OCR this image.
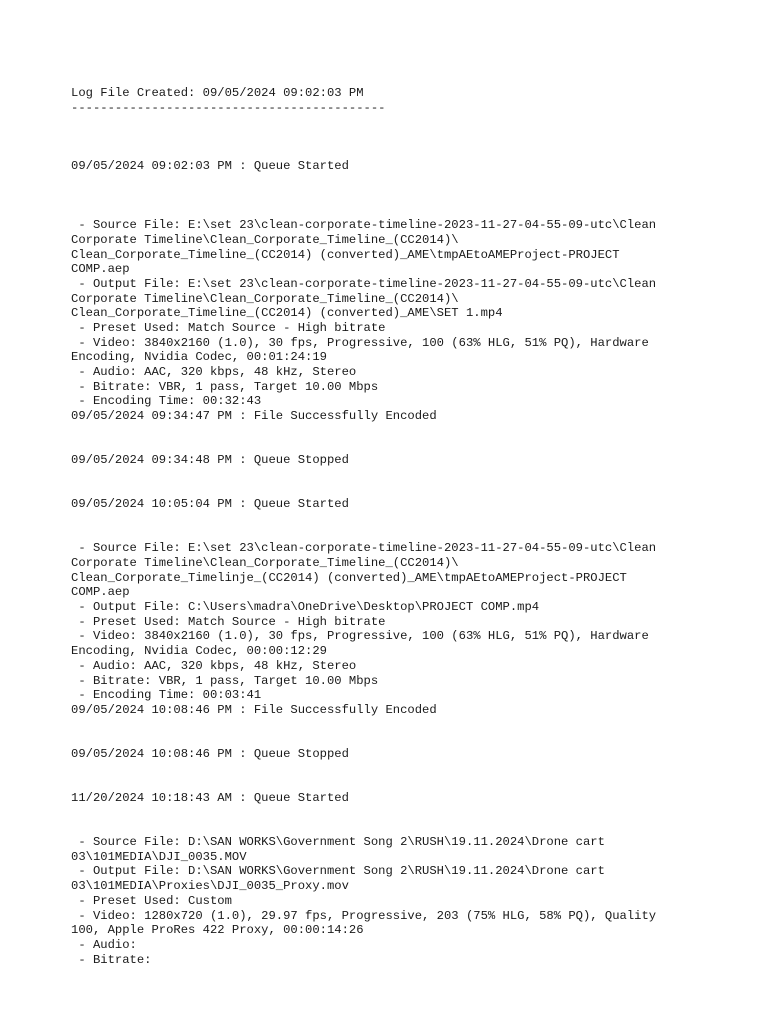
Log File Created: 09/05/2024 09:02:03 PM
-------------------------------------------
09/05/2024 09:02:03 PM : Queue Started
- Source File: E:\set 23\clean-corporate-timeline-2023-11-27-04-55-09-utc\Clean
Corporate Timeline\Clean_Corporate_Timeline_(CC2014)\
Clean_Corporate_Timeline_(CC2014) (converted)_AME\tmpAEtoAMEProject-PROJECT
COMP.aep
- Output File: E:\set 23\clean-corporate-timeline-2023-11-27-04-55-09-utc\Clean
Corporate Timeline\Clean_Corporate_Timeline_(CC2014)\
Clean_Corporate_Timeline_(CC2014) (converted)_AME\SET 1.mp4
- Preset Used: Match Source - High bitrate
- Video: 3840x2160 (1.0), 30 fps, Progressive, 100 (63% HLG, 51% PQ), Hardware
Encoding, Nvidia Codec, 00:01:24:19
- Audio: AAC, 320 kbps, 48 kHz, Stereo
- Bitrate: VBR, 1 pass, Target 10.00 Mbps
- Encoding Time: 00:32:43
09/05/2024 09:34:47 PM : File Successfully Encoded
09/05/2024 09:34:48 PM : Queue Stopped
09/05/2024 10:05:04 PM : Queue Started
- Source File: E:\set 23\clean-corporate-timeline-2023-11-27-04-55-09-utc\Clean
Corporate Timeline\Clean_Corporate_Timeline_(CC2014)\
Clean_Corporate_Timelinje_(CC2014) (converted)_AME\tmpAEtoAMEProject-PROJECT
COMP.aep
- Output File: C:\Users\madra\OneDrive\Desktop\PROJECT COMP.mp4
- Preset Used: Match Source - High bitrate
- Video: 3840x2160 (1.0), 30 fps, Progressive, 100 (63% HLG, 51% PQ), Hardware
Encoding, Nvidia Codec, 00:00:12:29
- Audio: AAC, 320 kbps, 48 kHz, Stereo
- Bitrate: VBR, 1 pass, Target 10.00 Mbps
- Encoding Time: 00:03:41
09/05/2024 10:08:46 PM : File Successfully Encoded
09/05/2024 10:08:46 PM : Queue Stopped
11/20/2024 10:18:43 AM : Queue Started
- Source File: D:\SAN WORKS\Government Song 2\RUSH\19.11.2024\Drone cart
03\101MEDIA\DJI_0035.MOV
- Output File: D:\SAN WORKS\Government Song 2\RUSH\19.11.2024\Drone cart
03\101MEDIA\Proxies\DJI_0035_Proxy.mov
- Preset Used: Custom
- Video: 1280x720 (1.0), 29.97 fps, Progressive, 203 (75% HLG, 58% PQ), Quality
100, Apple ProRes 422 Proxy, 00:00:14:26
- Audio:
- Bitrate:
